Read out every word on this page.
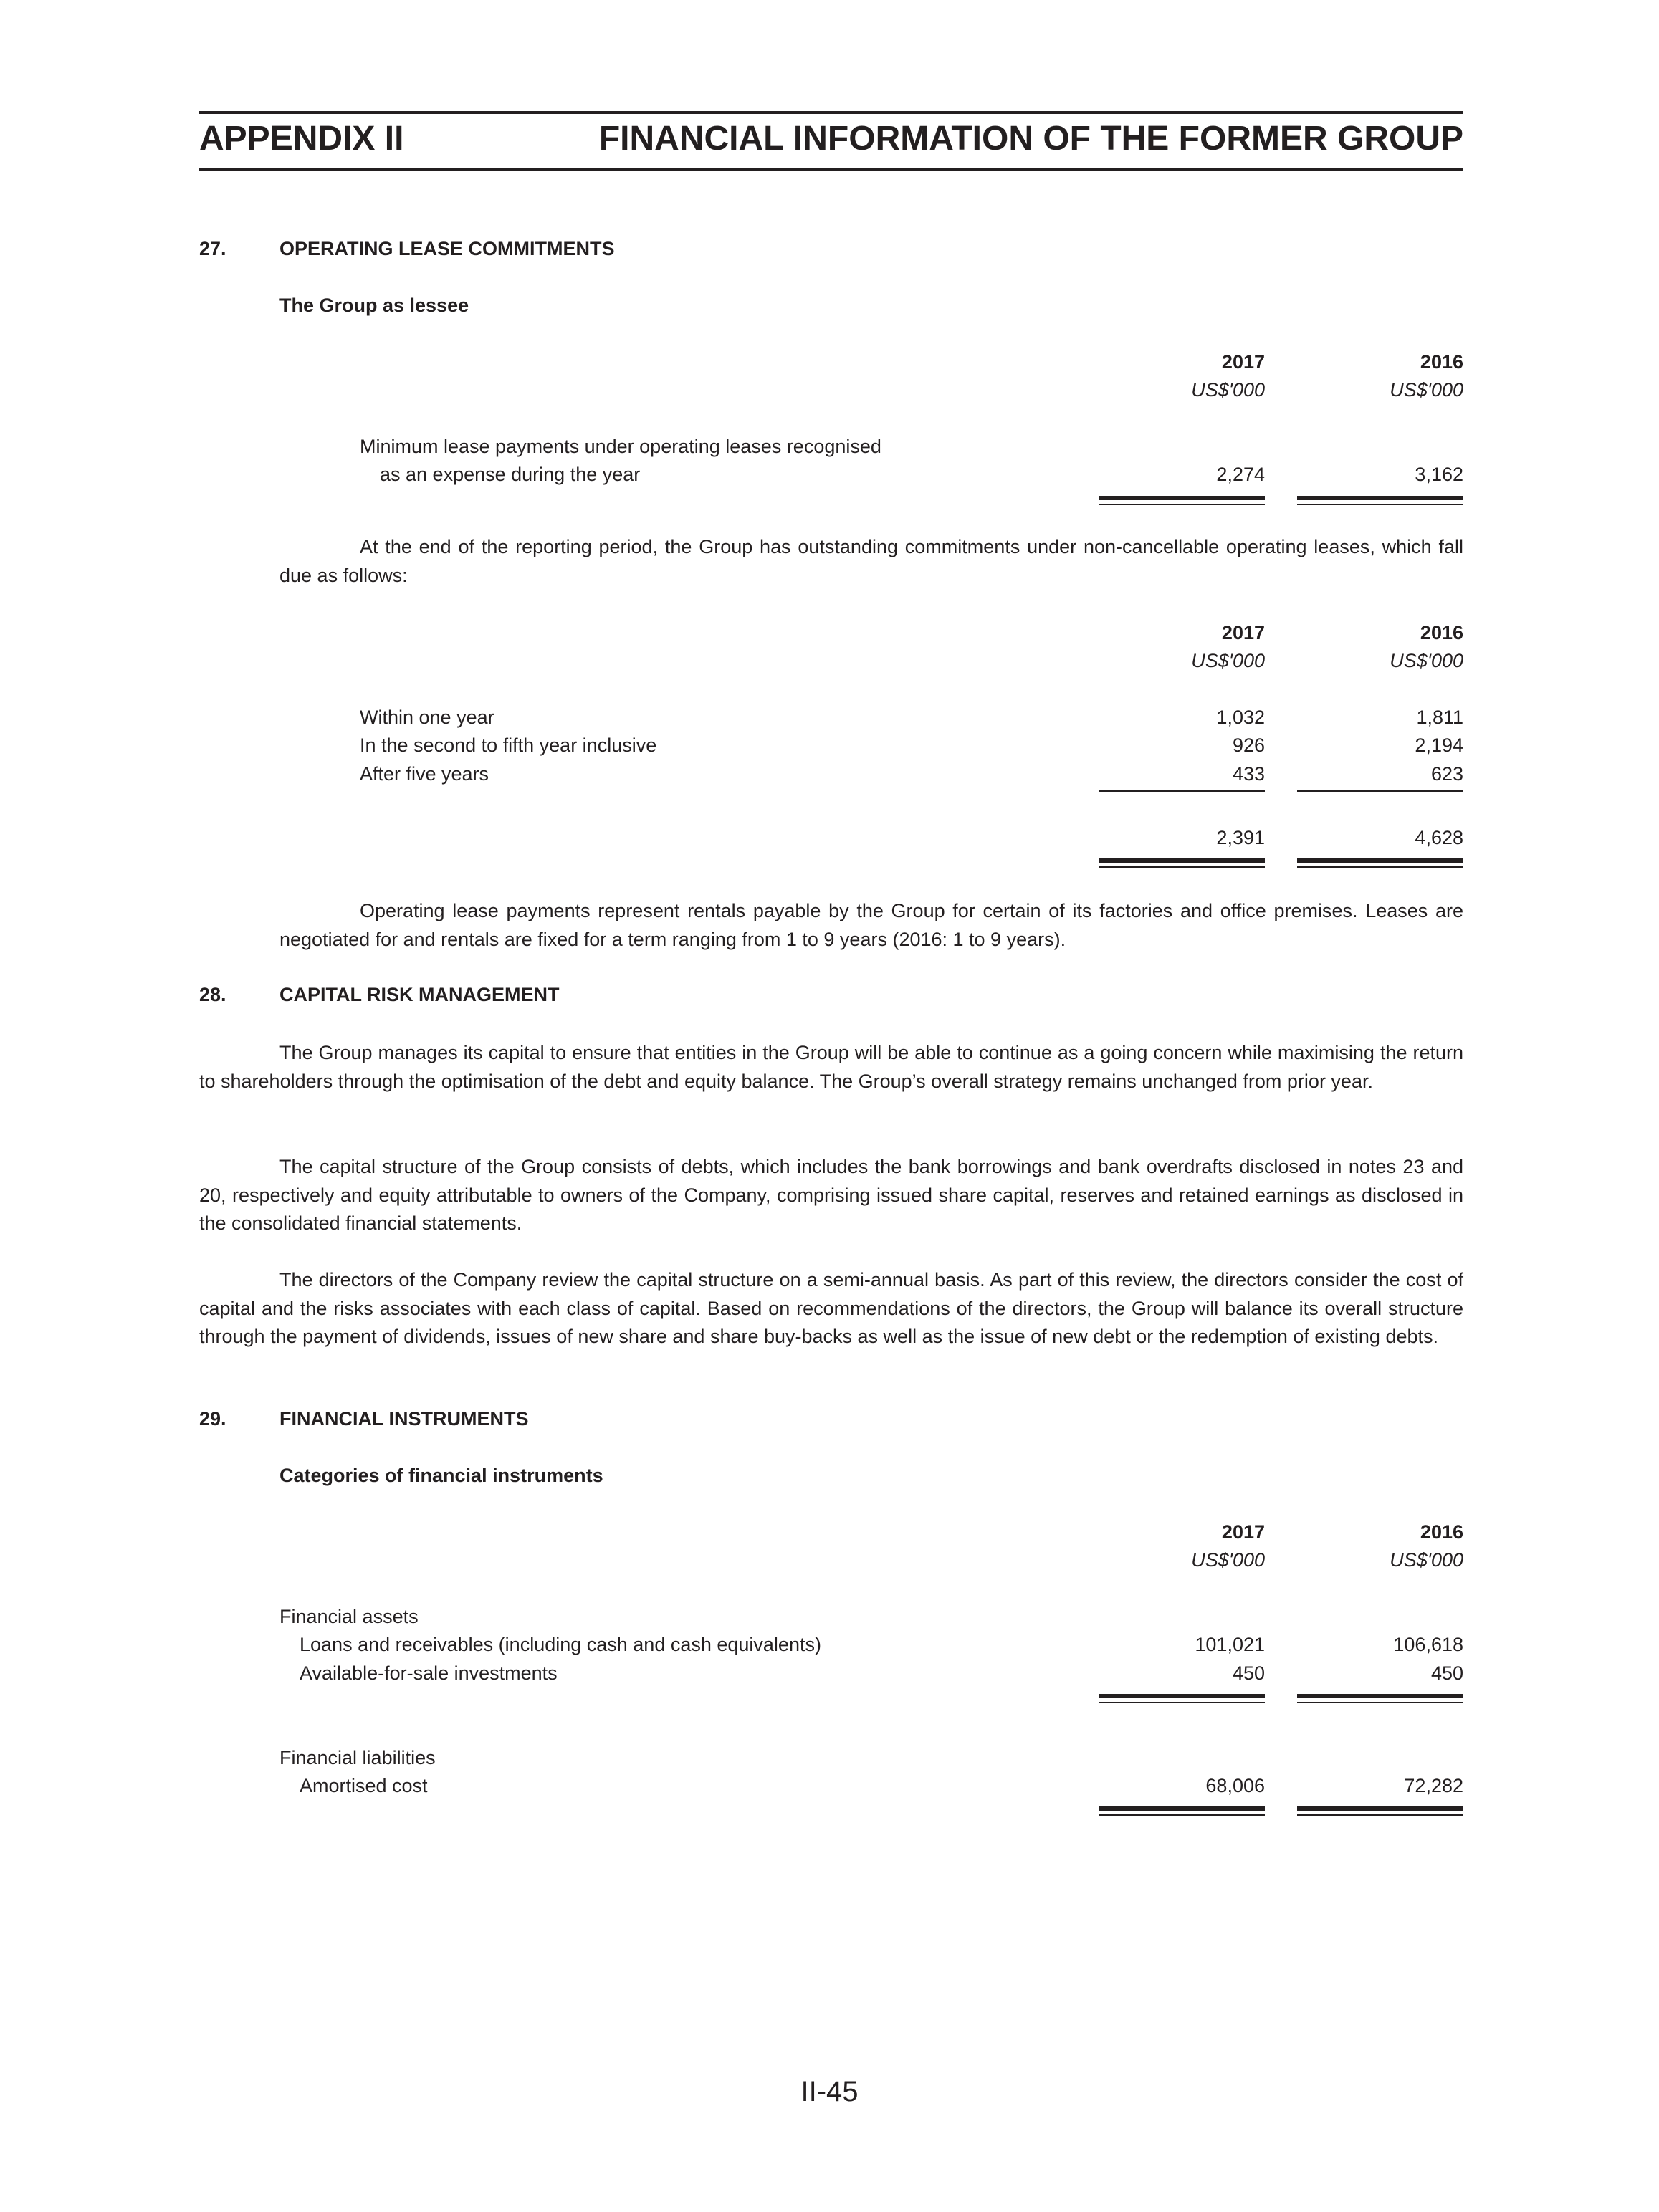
APPENDIX II	FINANCIAL INFORMATION OF THE FORMER GROUP
27.	OPERATING LEASE COMMITMENTS
The Group as lessee
2017	2016
US$'000	US$'000
Minimum lease payments under operating leases recognised
as an expense during the year	2,274	3,162
At the end of the reporting period, the Group has outstanding commitments under non-cancellable operating leases, which fall due as follows:
2017	2016
US$'000	US$'000
Within one year	1,032	1,811
In the second to fifth year inclusive	926	2,194
After five years	433	623
2,391	4,628
Operating lease payments represent rentals payable by the Group for certain of its factories and office premises. Leases are negotiated for and rentals are fixed for a term ranging from 1 to 9 years (2016: 1 to 9 years).
28.	CAPITAL RISK MANAGEMENT
The Group manages its capital to ensure that entities in the Group will be able to continue as a going concern while maximising the return to shareholders through the optimisation of the debt and equity balance. The Group’s overall strategy remains unchanged from prior year.
The capital structure of the Group consists of debts, which includes the bank borrowings and bank overdrafts disclosed in notes 23 and 20, respectively and equity attributable to owners of the Company, comprising issued share capital, reserves and retained earnings as disclosed in the consolidated financial statements.
The directors of the Company review the capital structure on a semi-annual basis. As part of this review, the directors consider the cost of capital and the risks associates with each class of capital. Based on recommendations of the directors, the Group will balance its overall structure through the payment of dividends, issues of new share and share buy-backs as well as the issue of new debt or the redemption of existing debts.
29.	FINANCIAL INSTRUMENTS
Categories of financial instruments
2017	2016
US$'000	US$'000
Financial assets
Loans and receivables (including cash and cash equivalents)	101,021	106,618
Available-for-sale investments	450	450
Financial liabilities
Amortised cost	68,006	72,282
II-45
